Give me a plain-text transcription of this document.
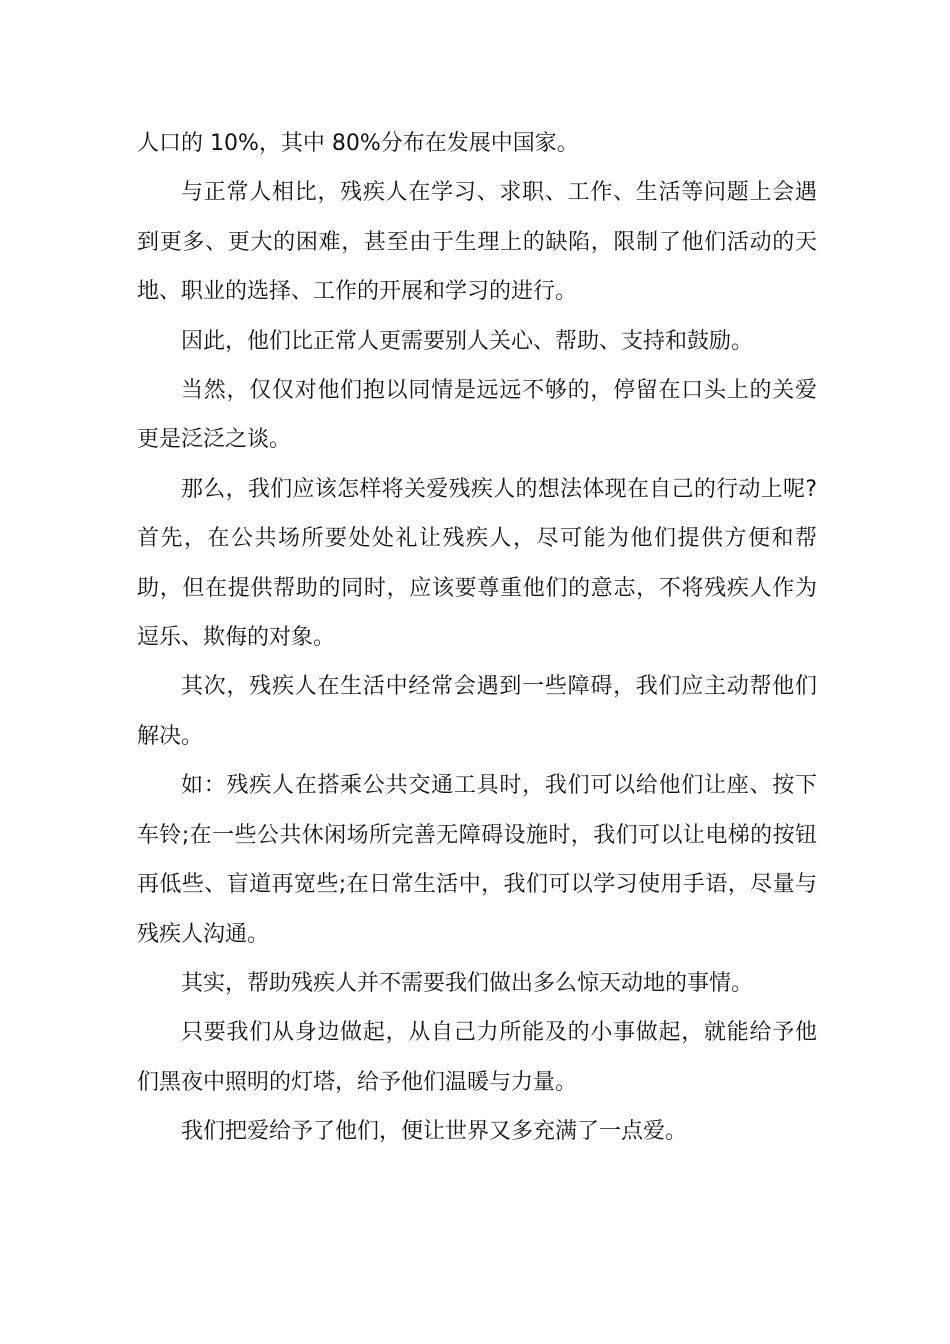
人口的 10%，其中 80%分布在发展中国家。

与正常人相比，残疾人在学习、求职、工作、生活等问题上会遇到更多、更大的困难，甚至由于生理上的缺陷，限制了他们活动的天地、职业的选择、工作的开展和学习的进行。

因此，他们比正常人更需要别人关心、帮助、支持和鼓励。

当然，仅仅对他们抱以同情是远远不够的，停留在口头上的关爱更是泛泛之谈。

那么，我们应该怎样将关爱残疾人的想法体现在自己的行动上呢?首先，在公共场所要处处礼让残疾人，尽可能为他们提供方便和帮助，但在提供帮助的同时，应该要尊重他们的意志，不将残疾人作为逗乐、欺侮的对象。

其次，残疾人在生活中经常会遇到一些障碍，我们应主动帮他们解决。

如：残疾人在搭乘公共交通工具时，我们可以给他们让座、按下车铃;在一些公共休闲场所完善无障碍设施时，我们可以让电梯的按钮再低些、盲道再宽些;在日常生活中，我们可以学习使用手语，尽量与残疾人沟通。

其实，帮助残疾人并不需要我们做出多么惊天动地的事情。

只要我们从身边做起，从自己力所能及的小事做起，就能给予他们黑夜中照明的灯塔，给予他们温暖与力量。

我们把爱给予了他们，便让世界又多充满了一点爱。
